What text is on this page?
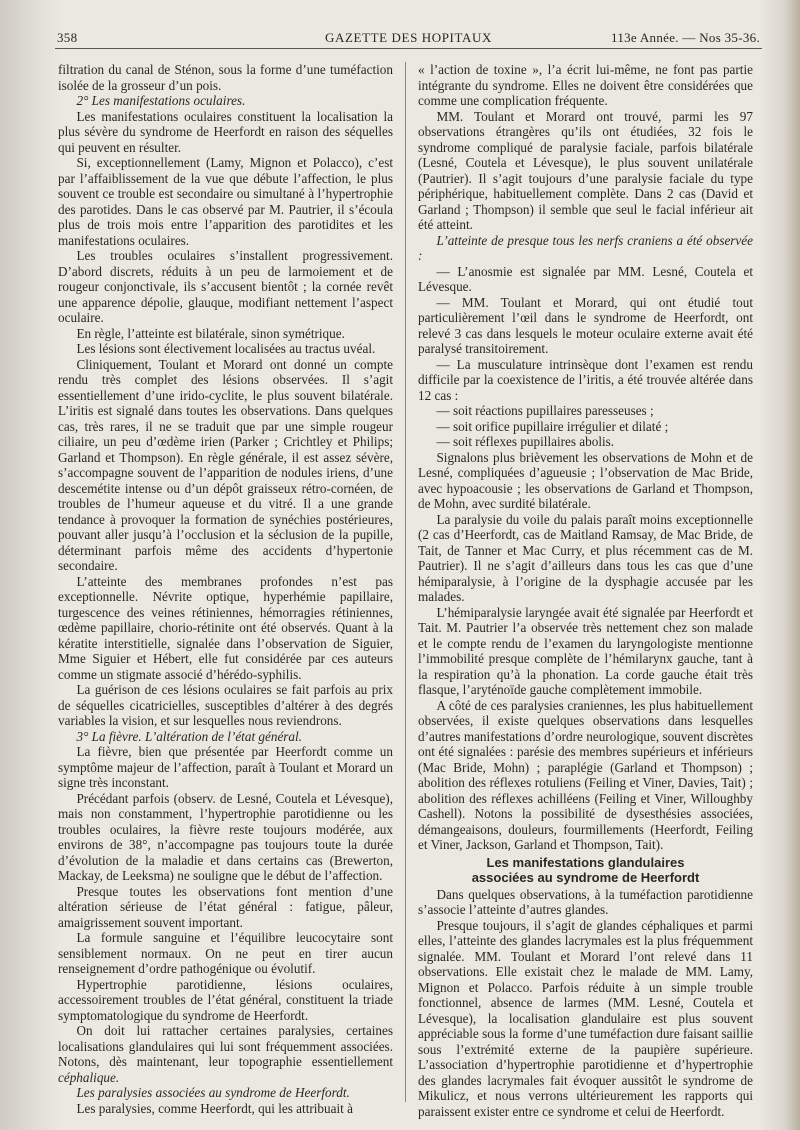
358	GAZETTE DES HOPITAUX	113e Année. — Nos 35-36.

filtration du canal de Sténon, sous la forme d’une tuméfaction isolée de la grosseur d’un pois.

2° Les manifestations oculaires.

Les manifestations oculaires constituent la localisation la plus sévère du syndrome de Heerfordt en raison des séquelles qui peuvent en résulter.

Si, exceptionnellement (Lamy, Mignon et Polacco), c’est par l’affaiblissement de la vue que débute l’affection, le plus souvent ce trouble est secondaire ou simultané à l’hypertrophie des parotides. Dans le cas observé par M. Pautrier, il s’écoula plus de trois mois entre l’apparition des parotidites et les manifestations oculaires.

Les troubles oculaires s’installent progressivement. D’abord discrets, réduits à un peu de larmoiement et de rougeur conjonctivale, ils s’accusent bientôt ; la cornée revêt une apparence dépolie, glauque, modifiant nettement l’aspect oculaire.

En règle, l’atteinte est bilatérale, sinon symétrique.

Les lésions sont électivement localisées au tractus uvéal.

Cliniquement, Toulant et Morard ont donné un compte rendu très complet des lésions observées. Il s’agit essentiellement d’une irido-cyclite, le plus souvent bilatérale. L’iritis est signalé dans toutes les observations. Dans quelques cas, très rares, il ne se traduit que par une simple rougeur ciliaire, un peu d’œdème irien (Parker ; Crichtley et Philips; Garland et Thompson). En règle générale, il est assez sévère, s’accompagne souvent de l’apparition de nodules iriens, d’une descemétite intense ou d’un dépôt graisseux rétro-cornéen, de troubles de l’humeur aqueuse et du vitré. Il a une grande tendance à provoquer la formation de synéchies postérieures, pouvant aller jusqu’à l’occlusion et la séclusion de la pupille, déterminant parfois même des accidents d’hypertonie secondaire.

L’atteinte des membranes profondes n’est pas exceptionnelle. Névrite optique, hyperhémie papillaire, turgescence des veines rétiniennes, hémorragies rétiniennes, œdème papillaire, chorio-rétinite ont été observés. Quant à la kératite interstitielle, signalée dans l’observation de Siguier, Mme Siguier et Hébert, elle fut considérée par ces auteurs comme un stigmate associé d’hérédo-syphilis.

La guérison de ces lésions oculaires se fait parfois au prix de séquelles cicatricielles, susceptibles d’altérer à des degrés variables la vision, et sur lesquelles nous reviendrons.

3° La fièvre. L’altération de l’état général.

La fièvre, bien que présentée par Heerfordt comme un symptôme majeur de l’affection, paraît à Toulant et Morard un signe très inconstant.

Précédant parfois (observ. de Lesné, Coutela et Lévesque), mais non constamment, l’hypertrophie parotidienne ou les troubles oculaires, la fièvre reste toujours modérée, aux environs de 38°, n’accompagne pas toujours toute la durée d’évolution de la maladie et dans certains cas (Brewerton, Mackay, de Leeksma) ne souligne que le début de l’affection.

Presque toutes les observations font mention d’une altération sérieuse de l’état général : fatigue, pâleur, amaigrissement souvent important.

La formule sanguine et l’équilibre leucocytaire sont sensiblement normaux. On ne peut en tirer aucun renseignement d’ordre pathogénique ou évolutif.

Hypertrophie parotidienne, lésions oculaires, accessoirement troubles de l’état général, constituent la triade symptomatologique du syndrome de Heerfordt.

On doit lui rattacher certaines paralysies, certaines localisations glandulaires qui lui sont fréquemment associées. Notons, dès maintenant, leur topographie essentiellement céphalique.

Les paralysies associées au syndrome de Heerfordt.

Les paralysies, comme Heerfordt, qui les attribuait à

« l’action de toxine », l’a écrit lui-même, ne font pas partie intégrante du syndrome. Elles ne doivent être considérées que comme une complication fréquente.

MM. Toulant et Morard ont trouvé, parmi les 97 observations étrangères qu’ils ont étudiées, 32 fois le syndrome compliqué de paralysie faciale, parfois bilatérale (Lesné, Coutela et Lévesque), le plus souvent unilatérale (Pautrier). Il s’agit toujours d’une paralysie faciale du type périphérique, habituellement complète. Dans 2 cas (David et Garland ; Thompson) il semble que seul le facial inférieur ait été atteint.

L’atteinte de presque tous les nerfs craniens a été observée :

— L’anosmie est signalée par MM. Lesné, Coutela et Lévesque.

— MM. Toulant et Morard, qui ont étudié tout particulièrement l’œil dans le syndrome de Heerfordt, ont relevé 3 cas dans lesquels le moteur oculaire externe avait été paralysé transitoirement.

— La musculature intrinsèque dont l’examen est rendu difficile par la coexistence de l’iritis, a été trouvée altérée dans 12 cas :

— soit réactions pupillaires paresseuses ;

— soit orifice pupillaire irrégulier et dilaté ;

— soit réflexes pupillaires abolis.

Signalons plus brièvement les observations de Mohn et de Lesné, compliquées d’agueusie ; l’observation de Mac Bride, avec hypoacousie ; les observations de Garland et Thompson, de Mohn, avec surdité bilatérale.

La paralysie du voile du palais paraît moins exceptionnelle (2 cas d’Heerfordt, cas de Maitland Ramsay, de Mac Bride, de Tait, de Tanner et Mac Curry, et plus récemment cas de M. Pautrier). Il ne s’agit d’ailleurs dans tous les cas que d’une hémiparalysie, à l’origine de la dysphagie accusée par les malades.

L’hémiparalysie laryngée avait été signalée par Heerfordt et Tait. M. Pautrier l’a observée très nettement chez son malade et le compte rendu de l’examen du laryngologiste mentionne l’immobilité presque complète de l’hémilarynx gauche, tant à la respiration qu’à la phonation. La corde gauche était très flasque, l’aryténoïde gauche complètement immobile.

A côté de ces paralysies craniennes, les plus habituellement observées, il existe quelques observations dans lesquelles d’autres manifestations d’ordre neurologique, souvent discrètes ont été signalées : parésie des membres supérieurs et inférieurs (Mac Bride, Mohn) ; paraplégie (Garland et Thompson) ; abolition des réflexes rotuliens (Feiling et Viner, Davies, Tait) ; abolition des réflexes achilléens (Feiling et Viner, Willoughby Cashell). Notons la possibilité de dysesthésies associées, démangeaisons, douleurs, fourmillements (Heerfordt, Feiling et Viner, Jackson, Garland et Thompson, Tait).

Les manifestations glandulaires
associées au syndrome de Heerfordt

Dans quelques observations, à la tuméfaction parotidienne s’associe l’atteinte d’autres glandes.

Presque toujours, il s’agit de glandes céphaliques et parmi elles, l’atteinte des glandes lacrymales est la plus fréquemment signalée. MM. Toulant et Morard l’ont relevé dans 11 observations. Elle existait chez le malade de MM. Lamy, Mignon et Polacco. Parfois réduite à un simple trouble fonctionnel, absence de larmes (MM. Lesné, Coutela et Lévesque), la localisation glandulaire est plus souvent appréciable sous la forme d’une tuméfaction dure faisant saillie sous l’extrémité externe de la paupière supérieure. L’association d’hypertrophie parotidienne et d’hypertrophie des glandes lacrymales fait évoquer aussitôt le syndrome de Mikulicz, et nous verrons ultérieurement les rapports qui paraissent exister entre ce syndrome et celui de Heerfordt.
